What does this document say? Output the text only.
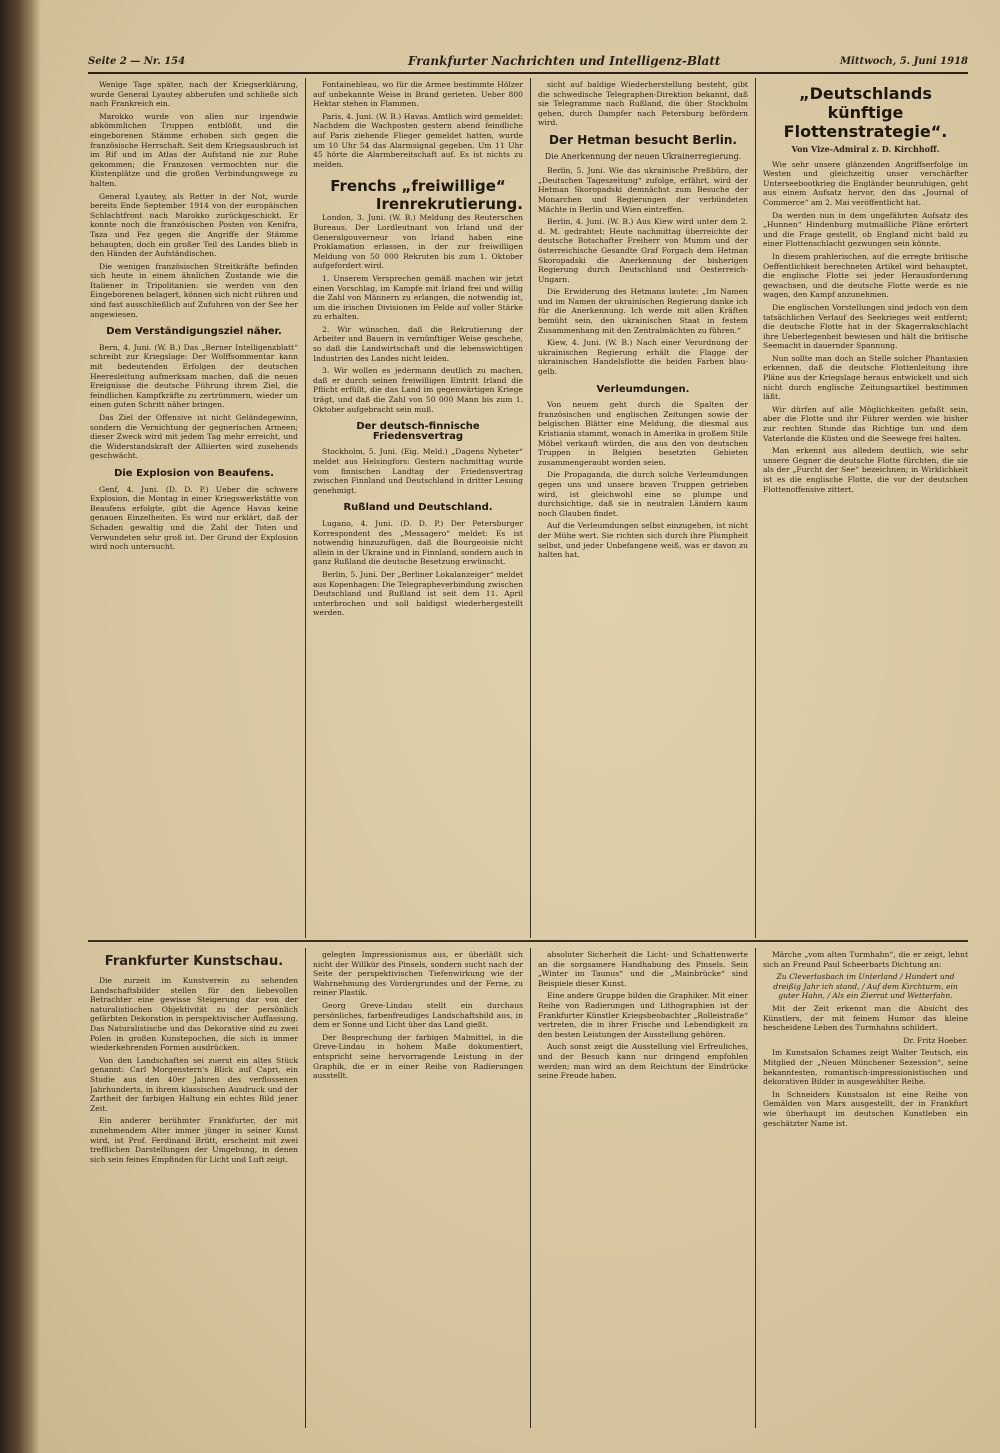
Seite 2 — Nr. 154	Frankfurter Nachrichten und Intelligenz-Blatt	Mittwoch, 5. Juni 1918

Wenige Tage später, nach der Kriegserklärung, wurde General Lyautey abberufen und schließe sich nach Frankreich ein.

Marokko wurde von allen nur irgendwie abkömmlichen Truppen entblößt, und die eingeborenen Stämme erhoben sich gegen die französische Herrschaft. Seit dem Kriegsausbruch ist im Rif und im Atlas der Aufstand nie zur Ruhe gekommen; die Franzosen vermochten nur die Küstenplätze und die großen Verbindungswege zu halten.

General Lyautey, als Retter in der Not, wurde bereits Ende September 1914 von der europäischen Schlachtfront nach Marokko zurückgeschickt. Er konnte noch die französischen Posten von Kenifra, Taza und Fez gegen die Angriffe der Stämme behaupten, doch ein großer Teil des Landes blieb in den Händen der Aufständischen.

Die wenigen französischen Streitkräfte befinden sich heute in einem ähnlichen Zustande wie die Italiener in Tripolitanien: sie werden von den Eingeborenen belagert, können sich nicht rühren und sind fast ausschließlich auf Zufuhren von der See her angewiesen.

Dem Verständigungsziel näher.

Bern, 4. Juni. (W. B.) Das „Berner Intelligenzblatt“ schreibt zur Kriegslage: Der Wolffsommentar kann mit bedeutenden Erfolgen der deutschen Heeresleitung aufmerksam machen, daß die neuen Ereignisse die deutsche Führung ihrem Ziel, die feindlichen Kampfkräfte zu zertrümmern, wieder um einen guten Schritt näher bringen.

Das Ziel der Offensive ist nicht Geländegewinn, sondern die Vernichtung der gegnerischen Armeen; dieser Zweck wird mit jedem Tag mehr erreicht, und die Widerstandskraft der Alliierten wird zusehends geschwächt.

Die Explosion von Beaufens.

Genf, 4. Juni. (D. D. P.) Ueber die schwere Explosion, die Montag in einer Kriegswerkstätte von Beaufens erfolgte, gibt die Agence Havas keine genauen Einzelheiten. Es wird nur erklärt, daß der Schaden gewaltig und die Zahl der Toten und Verwundeten sehr groß ist. Der Grund der Explosion wird noch untersucht.

Fontainebleau, wo für die Armee bestimmte Hölzer auf unbekannte Weise in Brand gerieten. Ueber 800 Hektar stehen in Flammen.

Paris, 4. Juni. (W. B.) Havas. Amtlich wird gemeldet: Nachdem die Wachposten gestern abend feindliche auf Paris ziehende Flieger gemeldet hatten, wurde um 10 Uhr 54 das Alarmsignal gegeben. Um 11 Uhr 45 hörte die Alarmbereitschaft auf. Es ist nichts zu melden.

Frenchs „freiwillige“
Irenrekrutierung.

London, 3. Juni. (W. B.) Meldung des Reuterschen Bureaus. Der Lordleutnant von Irland und der Generalgouverneur von Irland haben eine Proklamation erlassen, in der zur freiwilligen Meldung von 50 000 Rekruten bis zum 1. Oktober aufgefordert wird.

1. Unserem Versprechen gemäß machen wir jetzt einen Vorschlag, im Kampfe mit Irland frei und willig die Zahl von Männern zu erlangen, die notwendig ist, um die irischen Divisionen im Felde auf voller Stärke zu erhalten.

2. Wir wünschen, daß die Rekrutierung der Arbeiter und Bauern in vernünftiger Weise geschehe, so daß die Landwirtschaft und die lebenswichtigen Industrien des Landes nicht leiden.

3. Wir wollen es jedermann deutlich zu machen, daß er durch seinen freiwilligen Eintritt Irland die Pflicht erfüllt, die das Land im gegenwärtigen Kriege trägt, und daß die Zahl von 50 000 Mann bis zum 1. Oktober aufgebracht sein muß.

Der deutsch-finnische Friedensvertrag

Stockholm, 5. Juni. (Eig. Meld.) „Dagens Nyheter“ meldet aus Helsingfors: Gestern nachmittag wurde vom finnischen Landtag der Friedensvertrag zwischen Finnland und Deutschland in dritter Lesung genehmigt.

Rußland und Deutschland.

Lugano, 4. Juni. (D. D. P.) Der Petersburger Korrespondent des „Messagero“ meldet: Es ist notwendig hinzuzufügen, daß die Bourgeoisie nicht allein in der Ukraine und in Finnland, sondern auch in ganz Rußland die deutsche Besetzung erwünscht.

Berlin, 5. Juni. Der „Berliner Lokalanzeiger“ meldet aus Kopenhagen: Die Telegrapheverbindung zwischen Deutschland und Rußland ist seit dem 11. April unterbrochen und soll baldigst wiederhergestellt werden.

sicht auf baldige Wiederherstellung besteht, gibt die schwedische Telegraphen-Direktion bekannt, daß sie Telegramme nach Rußland, die über Stockholm gehen, durch Dampfer nach Petersburg befördern wird.

Der Hetman besucht Berlin.
Die Anerkennung der neuen Ukrainerregierung.

Berlin, 5. Juni. Wie das ukrainische Preßbüro, der „Deutschen Tageszeitung“ zufolge, erfährt, wird der Hetman Skoropadski demnächst zum Besuche der Monarchen und Regierungen der verbündeten Mächte in Berlin und Wien eintreffen.

Berlin, 4. Juni. (W. B.) Aus Kiew wird unter dem 2. d. M. gedrahtet: Heute nachmittag überreichte der deutsche Botschafter Freiherr von Mumm und der österreichische Gesandte Graf Forgach dem Hetman Skoropadski die Anerkennung der bisherigen Regierung durch Deutschland und Oesterreich-Ungarn.

Die Erwiderung des Hetmans lautete: „Im Namen und im Namen der ukrainischen Regierung danke ich für die Anerkennung. Ich werde mit allen Kräften bemüht sein, den ukrainischen Staat in festem Zusammenhang mit den Zentralmächten zu führen.“

Kiew, 4. Juni. (W. B.) Nach einer Verordnung der ukrainischen Regierung erhält die Flagge der ukrainischen Handelsflotte die beiden Farben blau-gelb.

Verleumdungen.

Von neuem geht durch die Spalten der französischen und englischen Zeitungen sowie der belgischen Blätter eine Meldung, die diesmal aus Kristiania stammt, wonach in Amerika in großem Stile Möbel verkauft würden, die aus den von deutschen Truppen in Belgien besetzten Gebieten zusammengeraubt worden seien.

Die Propaganda, die durch solche Verleumdungen gegen uns und unsere braven Truppen getrieben wird, ist gleichwohl eine so plumpe und durchsichtige, daß sie in neutralen Ländern kaum noch Glauben findet.

Auf die Verleumdungen selbst einzugehen, ist nicht der Mühe wert. Sie richten sich durch ihre Plumpheit selbst, und jeder Unbefangene weiß, was er davon zu halten hat.

„Deutschlands
künftige Flottenstrategie“.
Von Vize-Admiral z. D. Kirchhoff.

Wie sehr unsere glänzenden Angriffserfolge im Westen und gleichzeitig unser verschärfter Unterseebootkrieg die Engländer beunruhigen, geht aus einem Aufsatz hervor, den das „Journal of Commerce“ am 2. Mai veröffentlicht hat.

Da werden nun in dem ungefährten Aufsatz des „Hunnen“ Hindenburg mutmaßliche Pläne erörtert und die Frage gestellt, ob England nicht bald zu einer Flottenschlacht gezwungen sein könnte.

In diesem prahlerischen, auf die erregte britische Oeffentlichkeit berechneten Artikel wird behauptet, die englische Flotte sei jeder Herausforderung gewachsen, und die deutsche Flotte werde es nie wagen, den Kampf anzunehmen.

Die englischen Vorstellungen sind jedoch von dem tatsächlichen Verlauf des Seekrieges weit entfernt; die deutsche Flotte hat in der Skagerrakschlacht ihre Ueberlegenheit bewiesen und hält die britische Seemacht in dauernder Spannung.

Nun sollte man doch an Stelle solcher Phantasien erkennen, daß die deutsche Flottenleitung ihre Pläne aus der Kriegslage heraus entwickelt und sich nicht durch englische Zeitungsartikel bestimmen läßt.

Wir dürfen auf alle Möglichkeiten gefaßt sein, aber die Flotte und ihr Führer werden wie bisher zur rechten Stunde das Richtige tun und dem Vaterlande die Küsten und die Seewege frei halten.

Man erkennt aus alledem deutlich, wie sehr unsere Gegner die deutsche Flotte fürchten, die sie als der „Furcht der See“ bezeichnen; in Wirklichkeit ist es die englische Flotte, die vor der deutschen Flottenoffensive zittert.

Frankfurter Kunstschau.

Die zurzeit im Kunstverein zu sehenden Landschaftsbilder stellen für den liebevollen Betrachter eine gewisse Steigerung dar von der naturalistischen Objektivität zu der persönlich gefärbten Dekoration in perspektivischer Auffassung. Das Naturalistische und das Dekorative sind zu zwei Polen in großen Kunstepochen, die sich in immer wiederkehrenden Formen ausdrücken.

Von den Landschaften sei zuerst ein altes Stück genannt: Carl Morgenstern's Blick auf Capri, ein Studie aus den 40er Jahren des verflossenen Jahrhunderts, in ihrem klassischen Ausdruck und der Zartheit der farbigen Haltung ein echtes Bild jener Zeit.

Ein anderer berühmter Frankfurter, der mit zunehmendem Alter immer jünger in seiner Kunst wird, ist Prof. Ferdinand Brütt, erscheint mit zwei trefflichen Darstellungen der Umgebung, in denen sich sein feines Empfinden für Licht und Luft zeigt.

gelegten Impressionismus aus, er überläßt sich nicht der Willkür des Pinsels, sondern sucht nach der Seite der perspektivischen Tiefenwirkung wie der Wahrnehmung des Vordergrundes und der Ferne, zu reiner Plastik.

Georg Greve-Lindau stellt ein durchaus persönliches, farbenfreudiges Landschaftsbild aus, in dem er Sonne und Licht über das Land gießt.

Der Besprechung der farbigen Malmittel, in die Greve-Lindau in hohem Maße dokumentiert, entspricht seine hervorragende Leistung in der Graphik, die er in einer Reihe von Radierungen ausstellt.

absoluter Sicherheit die Licht- und Schattenwerte an die sorgsamere Handhabung des Pinsels. Sein „Winter im Taunus“ und die „Mainbrücke“ sind Beispiele dieser Kunst.

Eine andere Gruppe bilden die Graphiker. Mit einer Reihe von Radierungen und Lithographien ist der Frankfurter Künstler Kriegsbeobachter „Rolleistraße“ vertreten, die in ihrer Frische und Lebendigkeit zu den besten Leistungen der Ausstellung gehören.

Auch sonst zeigt die Ausstellung viel Erfreuliches, und der Besuch kann nur dringend empfohlen werden; man wird an dem Reichtum der Eindrücke seine Freude haben.

Märche „vom alten Turmhahn“, die er zeigt, lehnt sich an Freund Paul Scheerbarts Dichtung an:

Zu Cleverlusbach im Unterland / Hundert und dreißig Jahr ich stand, / Auf dem Kirchturm, ein guter Hahn, / Als ein Zierrat und Wetterfahn.

Mit der Zeit erkennt man die Absicht des Künstlers, der mit feinem Humor das kleine bescheidene Leben des Turmhahns schildert.

Dr. Fritz Hoeber.

Im Kunstsalon Schames zeigt Walter Teutsch, ein Mitglied der „Neuen Münchener Sezession“, seine bekanntesten, romantisch-impressionistischen und dekorativen Bilder in ausgewählter Reihe.

In Schneiders Kunstsalon ist eine Reihe von Gemälden von Marx ausgestellt, der in Frankfurt wie überhaupt im deutschen Kunstleben ein geschätzter Name ist.
